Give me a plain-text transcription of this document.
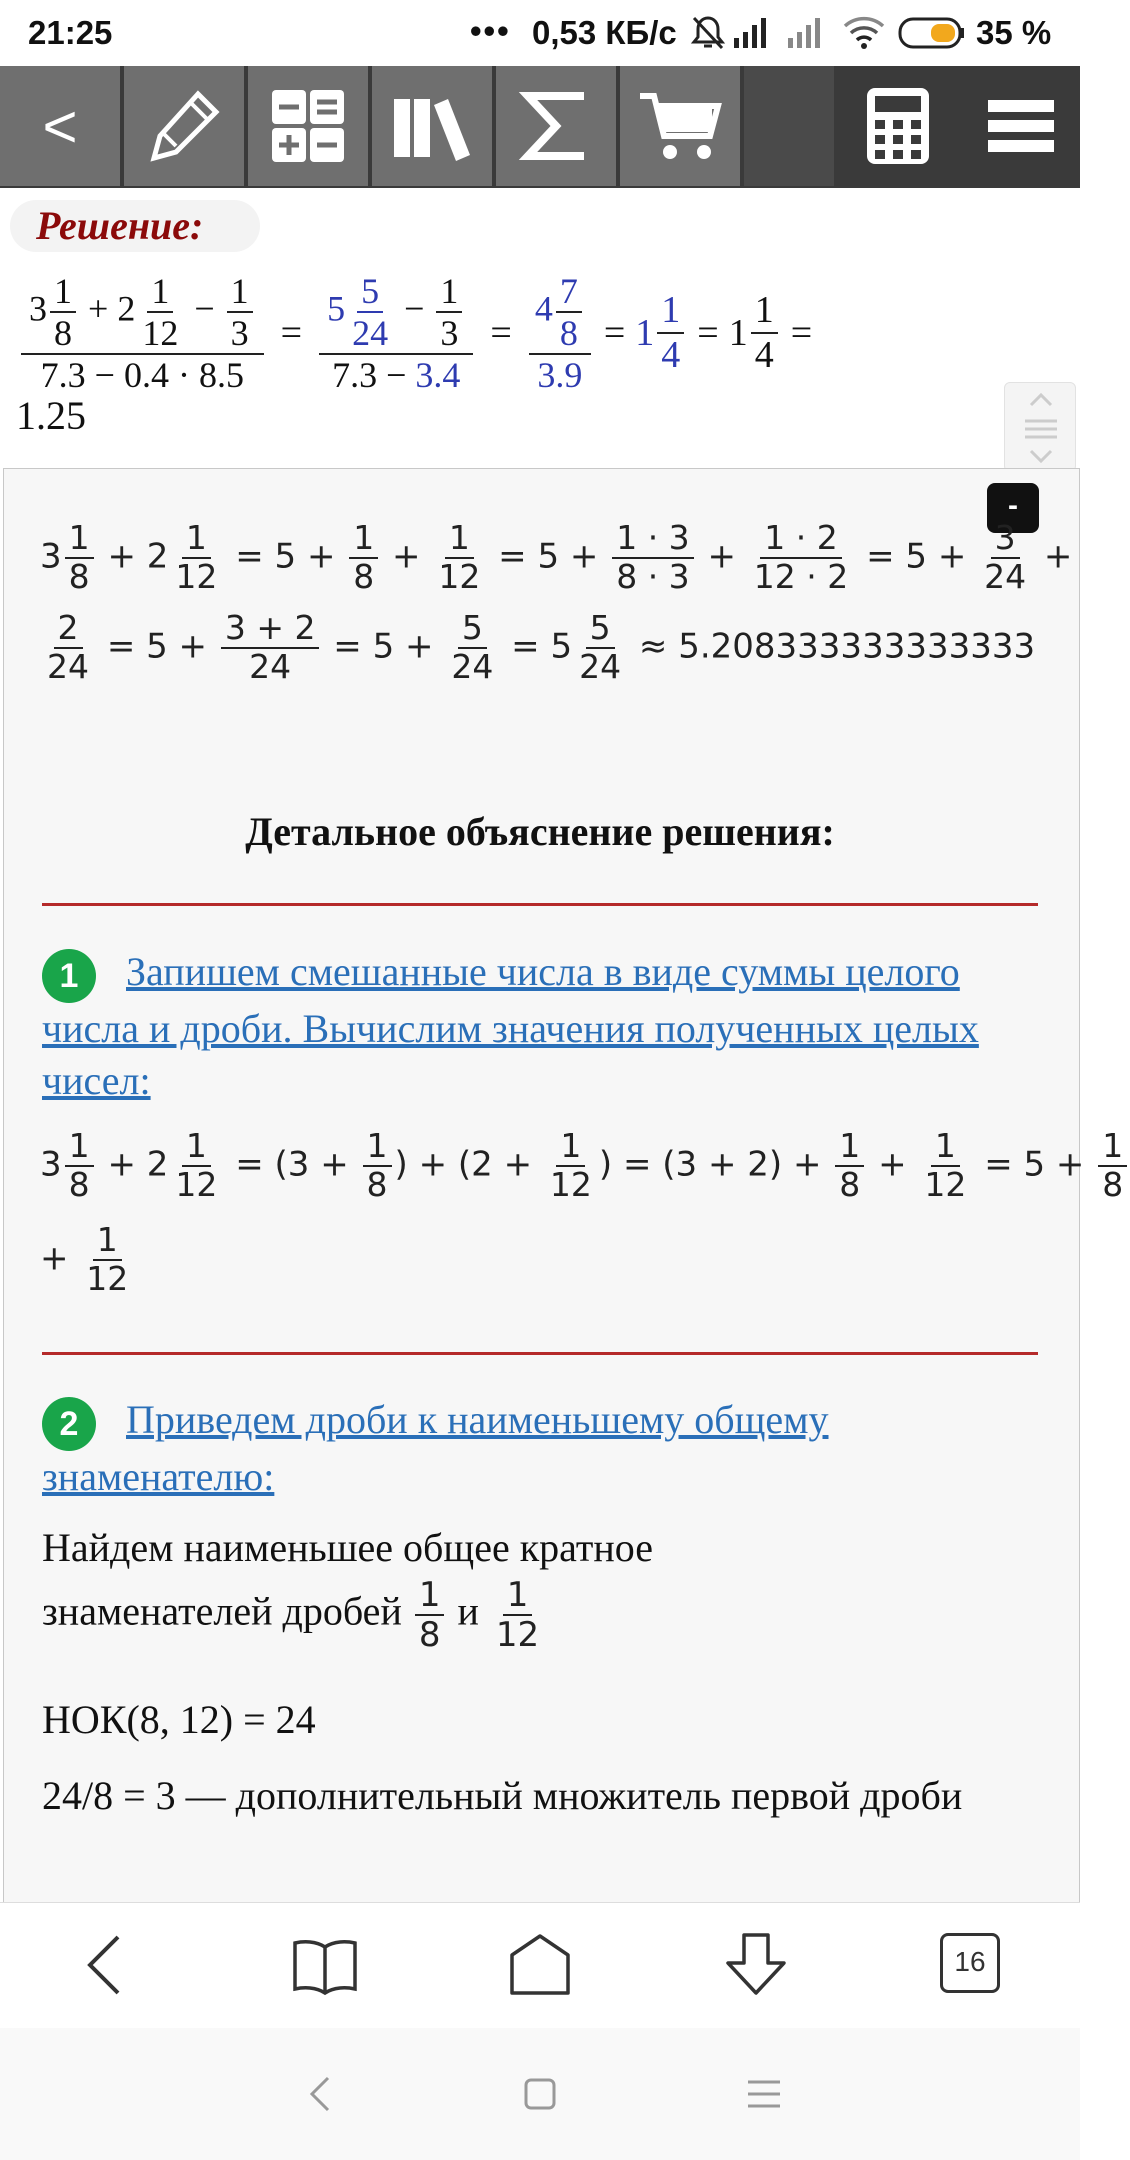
21:25	••• 0,53 КБ/с	35 %
<
Решение:
$\frac{3 \frac{1}{8} + 2 \frac{1}{12} - \frac{1}{3}}{7.3 - 0.4 \cdot 8.5} = \frac{5 \frac{5}{24} - \frac{1}{3}}{7.3 - 3.4} = \frac{4 \frac{7}{8}}{3.9} = 1 \frac{1}{4} = 1 \frac{1}{4}$ =
1.25
-
$3 \frac{1}{8} + 2 \frac{1}{12} = 5 + \frac{1}{8} + \frac{1}{12} = 5 + \frac{1 \cdot 3}{8 \cdot 3} + \frac{1 \cdot 2}{12 \cdot 2} = 5 + \frac{3}{24}$ +
$\frac{2}{24} = 5 + \frac{3 + 2}{24} = 5 + \frac{5}{24} = 5 \frac{5}{24} \approx 5.208333333333333$
Детальное объяснение решения:
1 Запишем смешанные числа в виде суммы целого числа и дроби. Вычислим значения полученных целых чисел:
$3 \frac{1}{8} + 2 \frac{1}{12} = (3 + \frac{1}{8}$ ) + ($2 + \frac{1}{12}$ ) = $(3 + 2) + \frac{1}{8} + \frac{1}{12} = 5 + \frac{1}{8}$
+ $\frac{1}{12}$
2 Приведем дроби к наименьшему общему знаменателю:
Найдем наименьшее общее кратное
знаменателей дробей $\frac{1}{8}$ и $\frac{1}{12}$
НОК(8, 12) = 24
24/8 = 3 — дополнительный множитель первой дроби
16
